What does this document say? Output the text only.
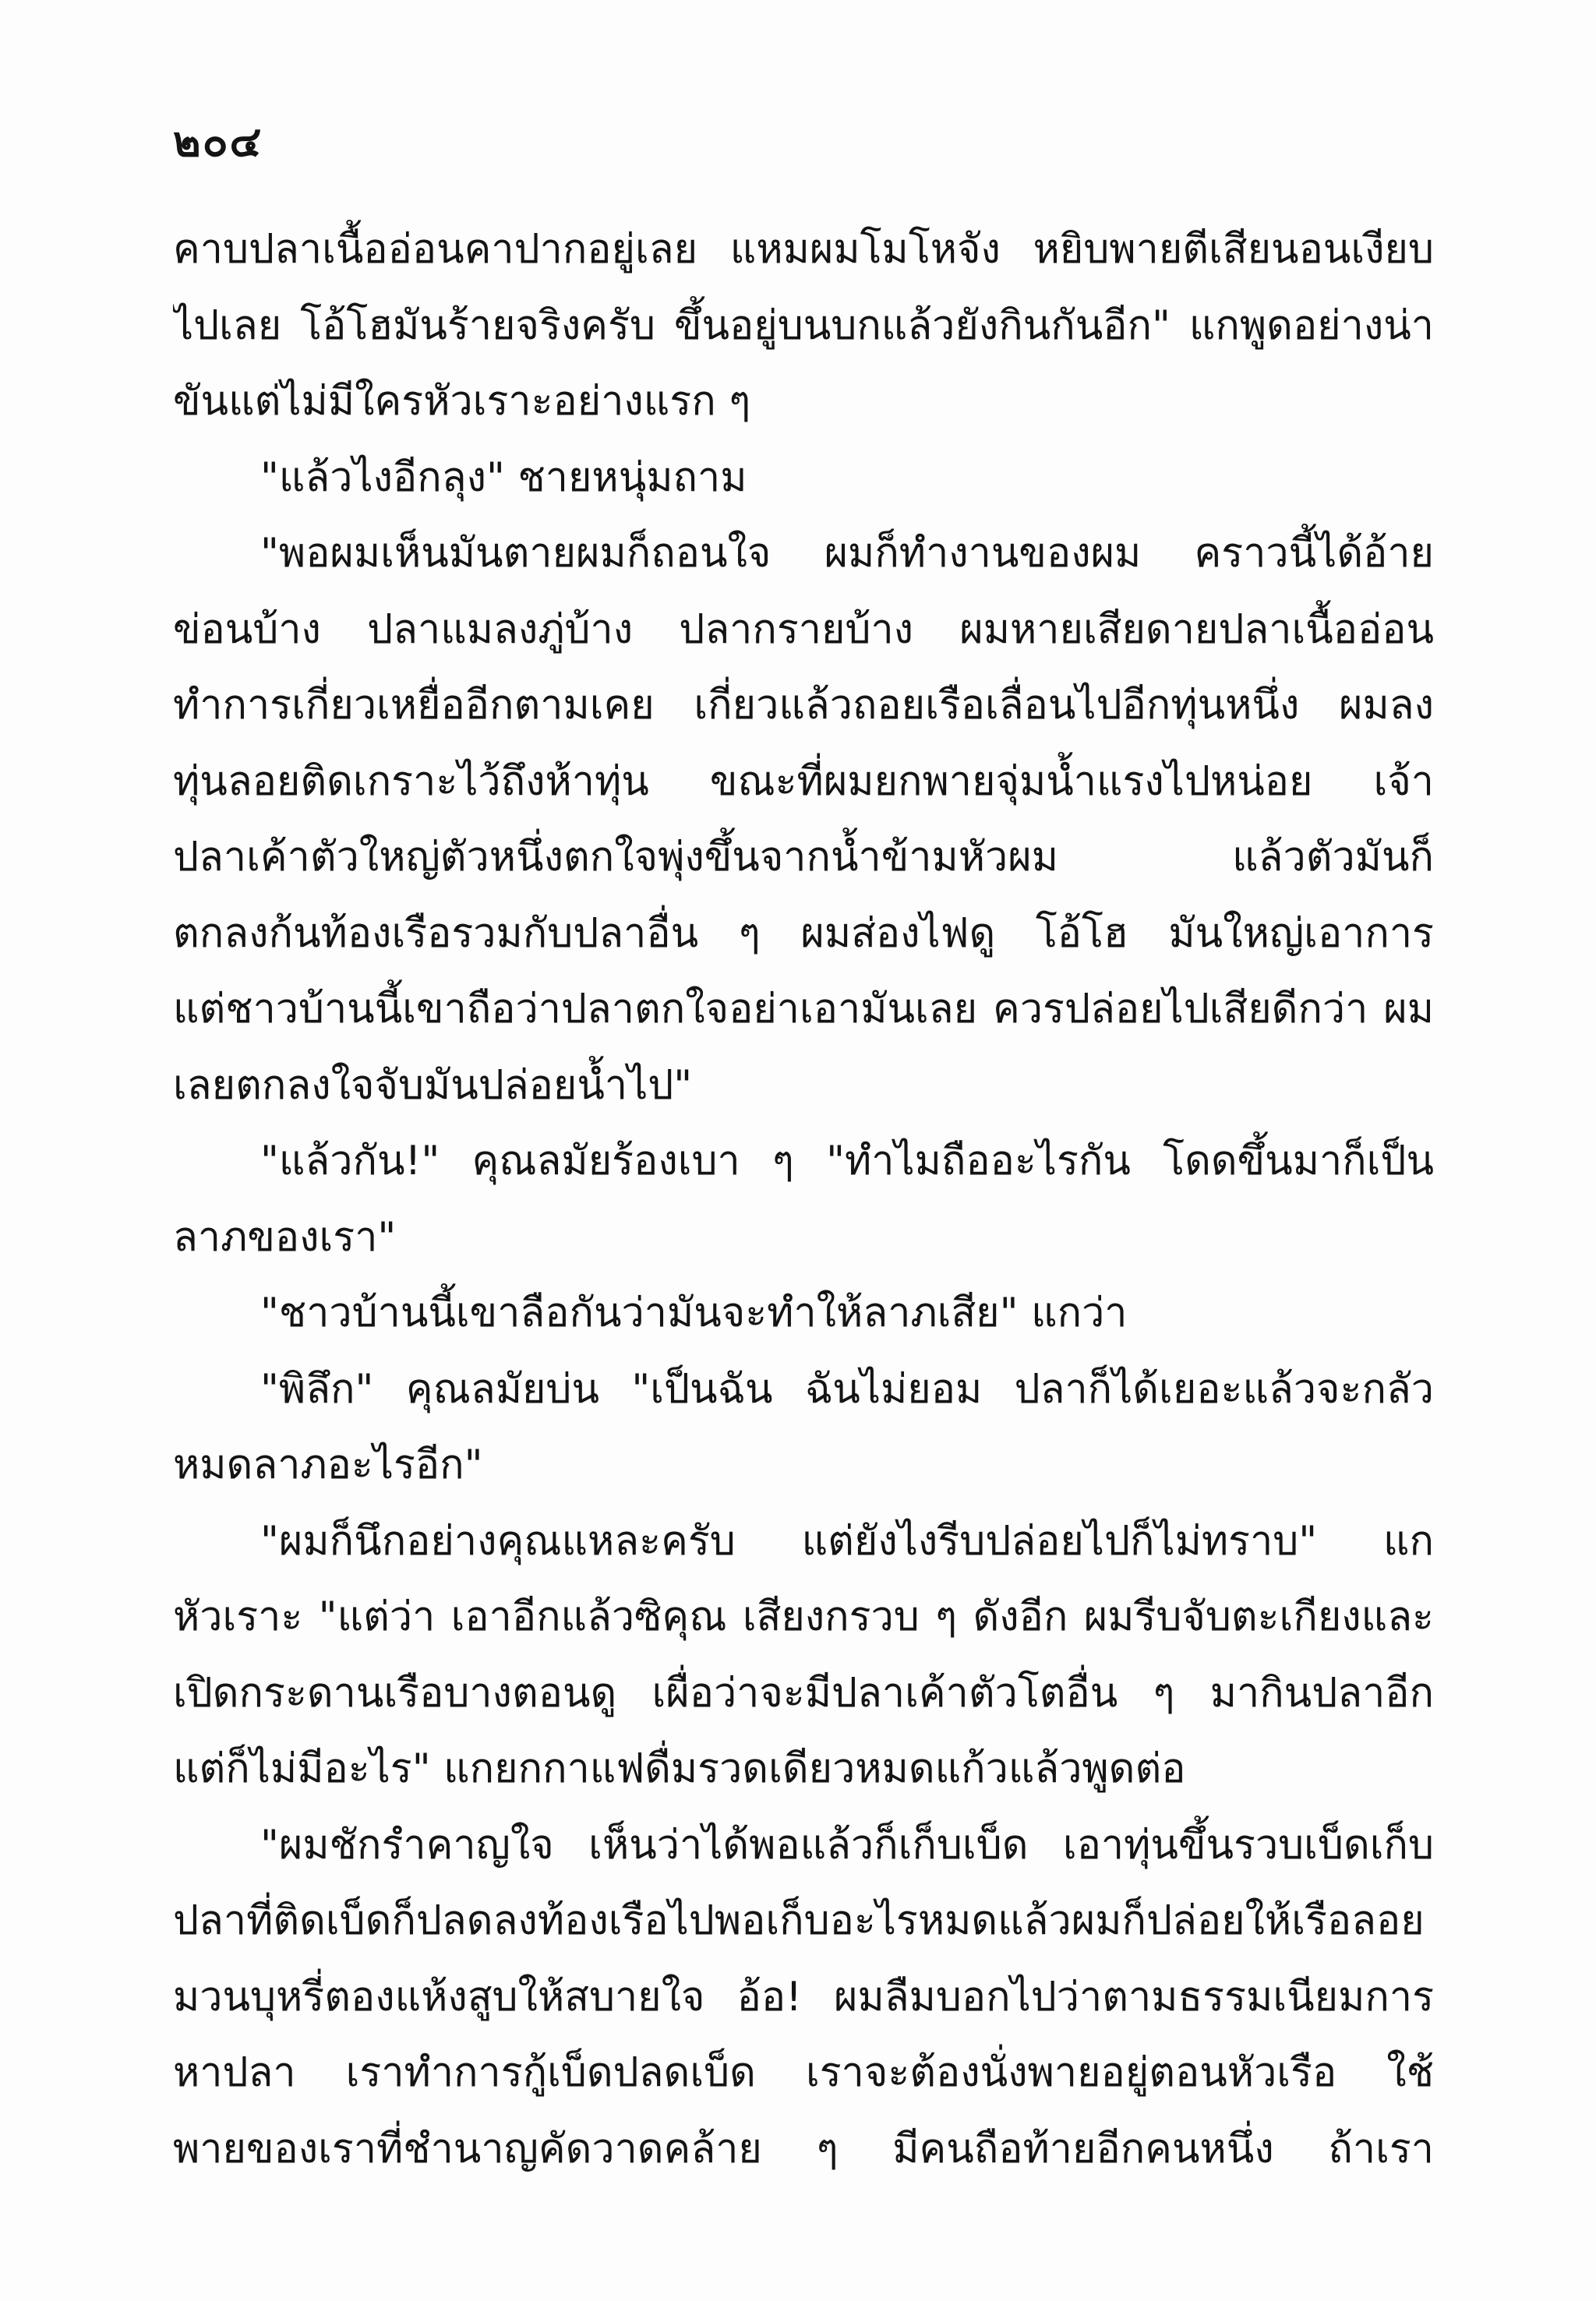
๒๐๔
คาบปลาเนื้ออ่อนคาปากอยู่เลย แหมผมโมโหจัง หยิบพายตีเสียนอนเงียบ
ไปเลย โอ้โฮมันร้ายจริงครับ ขึ้นอยู่บนบกแล้วยังกินกันอีก" แกพูดอย่างน่า
ขันแต่ไม่มีใครหัวเราะอย่างแรก ๆ
"แล้วไงอีกลุง" ชายหนุ่มถาม
"พอผมเห็นมันตายผมก็ถอนใจ ผมก็ทำงานของผม คราวนี้ได้อ้าย
ข่อนบ้าง ปลาแมลงภู่บ้าง ปลากรายบ้าง ผมหายเสียดายปลาเนื้ออ่อน
ทำการเกี่ยวเหยื่ออีกตามเคย เกี่ยวแล้วถอยเรือเลื่อนไปอีกทุ่นหนึ่ง ผมลง
ทุ่นลอยติดเกราะไว้ถึงห้าทุ่น ขณะที่ผมยกพายจุ่มน้ำแรงไปหน่อย เจ้า
ปลาเค้าตัวใหญ่ตัวหนึ่งตกใจพุ่งขึ้นจากน้ำข้ามหัวผม แล้วตัวมันก็
ตกลงก้นท้องเรือรวมกับปลาอื่น ๆ ผมส่องไฟดู โอ้โฮ มันใหญ่เอาการ
แต่ชาวบ้านนี้เขาถือว่าปลาตกใจอย่าเอามันเลย ควรปล่อยไปเสียดีกว่า ผม
เลยตกลงใจจับมันปล่อยน้ำไป"
"แล้วกัน!" คุณลมัยร้องเบา ๆ "ทำไมถืออะไรกัน โดดขึ้นมาก็เป็น
ลาภของเรา"
"ชาวบ้านนี้เขาลือกันว่ามันจะทำให้ลาภเสีย" แกว่า
"พิลึก" คุณลมัยบ่น "เป็นฉัน ฉันไม่ยอม ปลาก็ได้เยอะแล้วจะกลัว
หมดลาภอะไรอีก"
"ผมก็นึกอย่างคุณแหละครับ แต่ยังไงรีบปล่อยไปก็ไม่ทราบ" แก
หัวเราะ "แต่ว่า เอาอีกแล้วซิคุณ เสียงกรวบ ๆ ดังอีก ผมรีบจับตะเกียงและ
เปิดกระดานเรือบางตอนดู เผื่อว่าจะมีปลาเค้าตัวโตอื่น ๆ มากินปลาอีก
แต่ก็ไม่มีอะไร" แกยกกาแฟดื่มรวดเดียวหมดแก้วแล้วพูดต่อ
"ผมชักรำคาญใจ เห็นว่าได้พอแล้วก็เก็บเบ็ด เอาทุ่นขึ้นรวบเบ็ดเก็บ
ปลาที่ติดเบ็ดก็ปลดลงท้องเรือไปพอเก็บอะไรหมดแล้วผมก็ปล่อยให้เรือลอย
มวนบุหรี่ตองแห้งสูบให้สบายใจ อ้อ! ผมลืมบอกไปว่าตามธรรมเนียมการ
หาปลา เราทำการกู้เบ็ดปลดเบ็ด เราจะต้องนั่งพายอยู่ตอนหัวเรือ ใช้
พายของเราที่ชำนาญคัดวาดคล้าย ๆ มีคนถือท้ายอีกคนหนึ่ง ถ้าเรา
